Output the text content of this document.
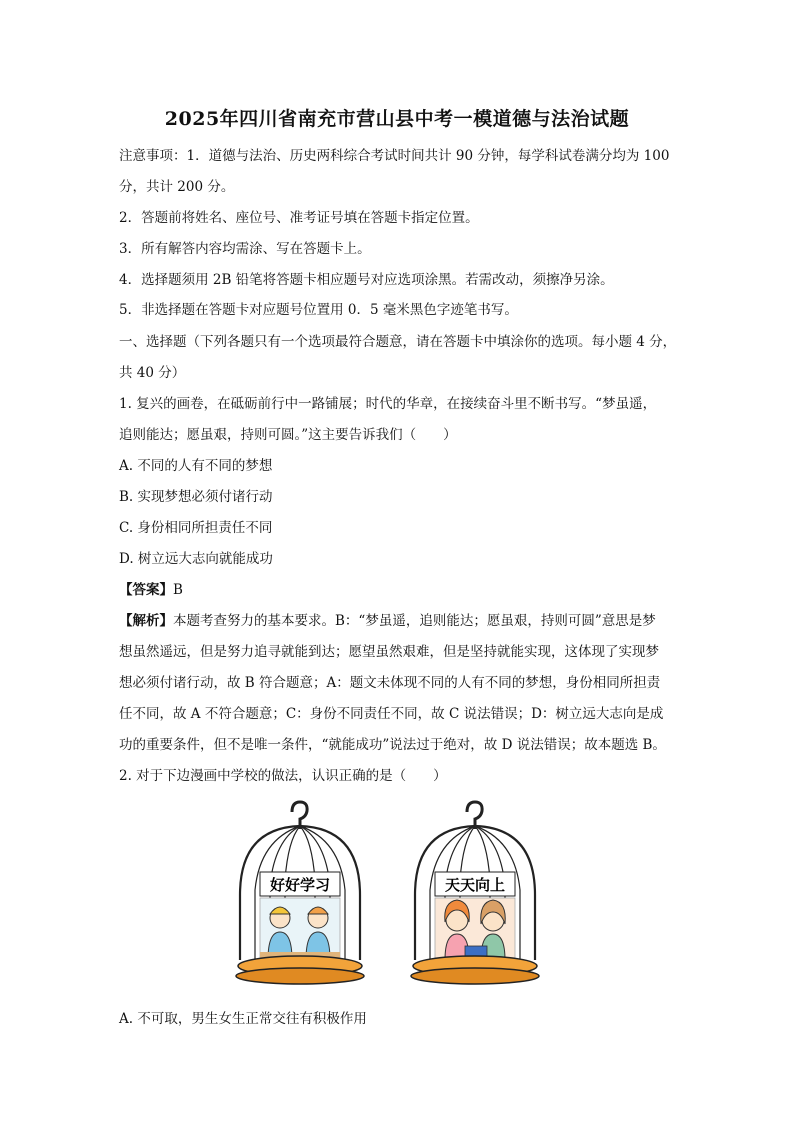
2025年四川省南充市营山县中考一模道德与法治试题
注意事项：1．道德与法治、历史两科综合考试时间共计 90 分钟，每学科试卷满分均为 100
分，共计 200 分。
2．答题前将姓名、座位号、准考证号填在答题卡指定位置。
3．所有解答内容均需涂、写在答题卡上。
4．选择题须用 2B 铅笔将答题卡相应题号对应选项涂黑。若需改动，须擦净另涂。
5．非选择题在答题卡对应题号位置用 0．5 毫米黑色字迹笔书写。
一、选择题（下列各题只有一个选项最符合题意，请在答题卡中填涂你的选项。每小题 4 分，
共 40 分）
1. 复兴的画卷，在砥砺前行中一路铺展；时代的华章，在接续奋斗里不断书写。“梦虽遥，
追则能达；愿虽艰，持则可圆。”这主要告诉我们（　　）
A. 不同的人有不同的梦想
B. 实现梦想必须付诸行动
C. 身份相同所担责任不同
D. 树立远大志向就能成功
【答案】B
【解析】本题考查努力的基本要求。B：“梦虽遥，追则能达；愿虽艰，持则可圆”意思是梦
想虽然遥远，但是努力追寻就能到达；愿望虽然艰难，但是坚持就能实现，这体现了实现梦
想必须付诸行动，故 B 符合题意；A：题文未体现不同的人有不同的梦想，身份相同所担责
任不同，故 A 不符合题意；C：身份不同责任不同，故 C 说法错误；D：树立远大志向是成
功的重要条件，但不是唯一条件，“就能成功”说法过于绝对，故 D 说法错误；故本题选 B。
2. 对于下边漫画中学校的做法，认识正确的是（　　）
好好学习	天天向上
A. 不可取，男生女生正常交往有积极作用
